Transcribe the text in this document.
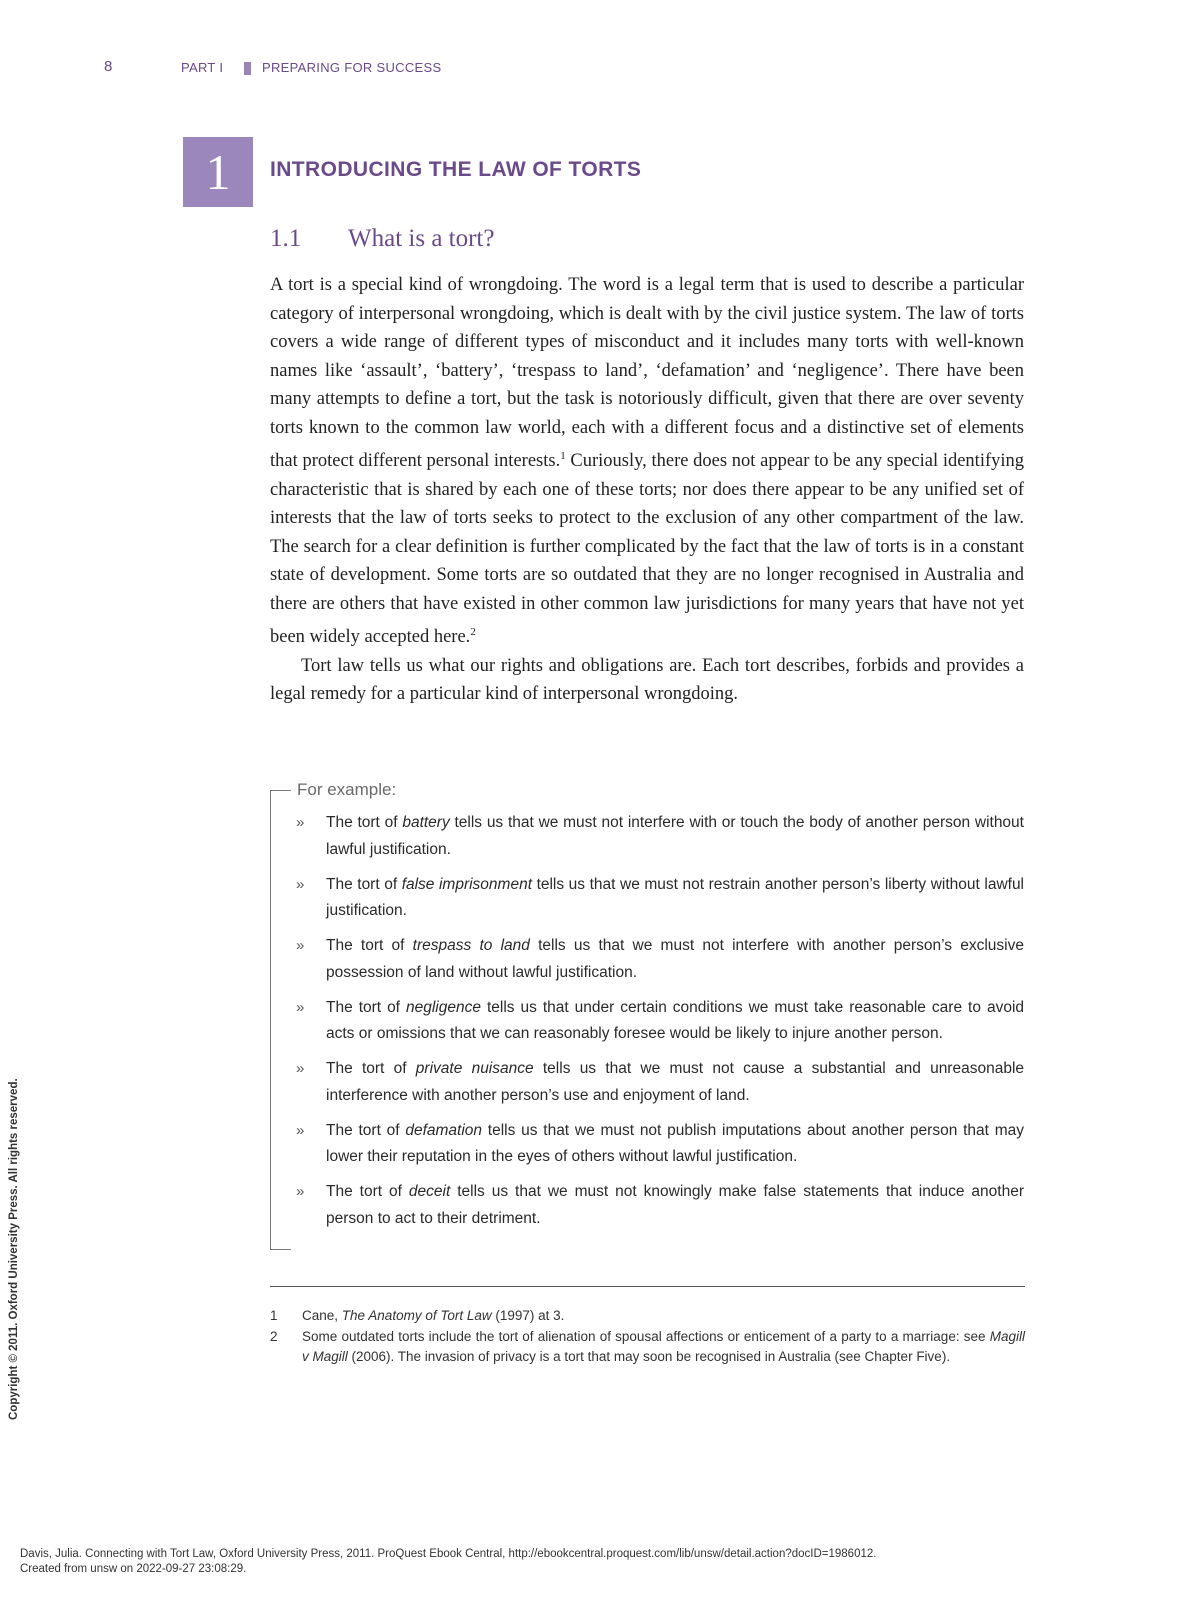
8	PART I	PREPARING FOR SUCCESS
1	INTRODUCING THE LAW OF TORTS
1.1 What is a tort?

A tort is a special kind of wrongdoing. The word is a legal term that is used to describe a particular category of interpersonal wrongdoing, which is dealt with by the civil justice system. The law of torts covers a wide range of different types of misconduct and it includes many torts with well-known names like ‘assault’, ‘battery’, ‘trespass to land’, ‘defamation’ and ‘negligence’. There have been many attempts to define a tort, but the task is notoriously difficult, given that there are over seventy torts known to the common law world, each with a different focus and a distinctive set of elements that protect different personal interests.$^1$ Curiously, there does not appear to be any special identifying characteristic that is shared by each one of these torts; nor does there appear to be any unified set of interests that the law of torts seeks to protect to the exclusion of any other compartment of the law. The search for a clear definition is further complicated by the fact that the law of torts is in a constant state of development. Some torts are so outdated that they are no longer recognised in Australia and there are others that have existed in other common law jurisdictions for many years that have not yet been widely accepted here.$^2$

Tort law tells us what our rights and obligations are. Each tort describes, forbids and provides a legal remedy for a particular kind of interpersonal wrongdoing.

For example:
» The tort of battery tells us that we must not interfere with or touch the body of another person without lawful justification.
» The tort of false imprisonment tells us that we must not restrain another person’s liberty without lawful justification.
» The tort of trespass to land tells us that we must not interfere with another person’s exclusive possession of land without lawful justification.
» The tort of negligence tells us that under certain conditions we must take reasonable care to avoid acts or omissions that we can reasonably foresee would be likely to injure another person.
» The tort of private nuisance tells us that we must not cause a substantial and unreasonable interference with another person’s use and enjoyment of land.
» The tort of defamation tells us that we must not publish imputations about another person that may lower their reputation in the eyes of others without lawful justification.
» The tort of deceit tells us that we must not knowingly make false statements that induce another person to act to their detriment.
1 Cane, The Anatomy of Tort Law (1997) at 3.
2 Some outdated torts include the tort of alienation of spousal affections or enticement of a party to a marriage: see Magill v Magill (2006). The invasion of privacy is a tort that may soon be recognised in Australia (see Chapter Five).
Copyright © 2011. Oxford University Press. All rights reserved.
Davis, Julia. Connecting with Tort Law, Oxford University Press, 2011. ProQuest Ebook Central, http://ebookcentral.proquest.com/lib/unsw/detail.action?docID=1986012.
Created from unsw on 2022-09-27 23:08:29.
